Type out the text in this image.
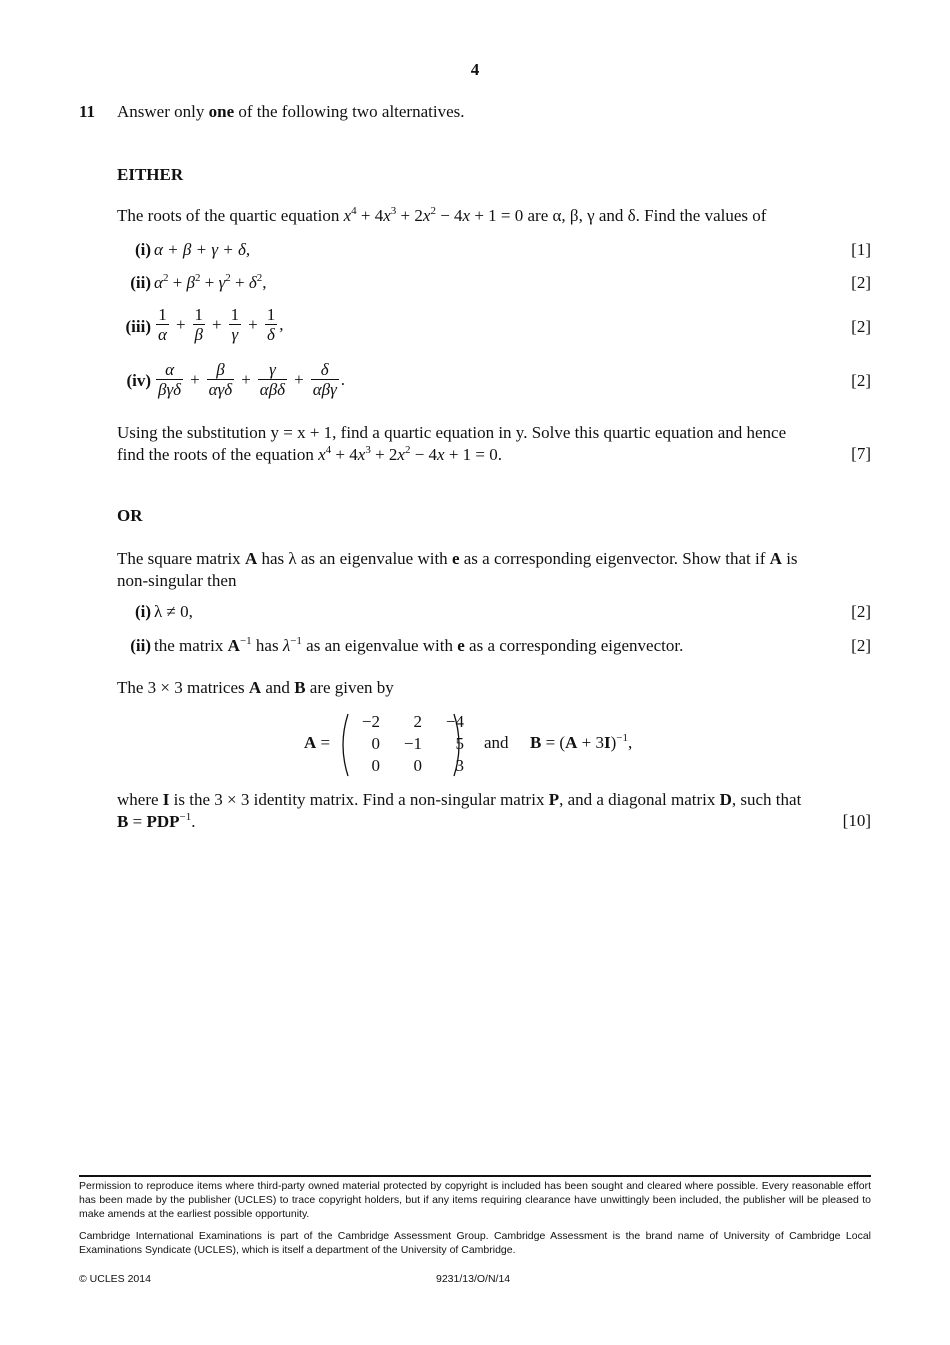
4
11 Answer only one of the following two alternatives.
EITHER
The roots of the quartic equation $x^4 + 4x^3 + 2x^2 - 4x + 1 = 0$ are α, β, γ and δ. Find the values of
(i) α + β + γ + δ,	[1]
(ii) $\alpha^2 + \beta^2 + \gamma^2 + \delta^2$,	[2]
$(iii) \frac{1}{\alpha} + \frac{1}{\beta} + \frac{1}{\gamma} + \frac{1}{\delta}$ ,	[2]
$(iv) \frac{\alpha}{\text{βγδ}} + \frac{\beta}{\text{αγδ}} + \frac{\gamma}{\text{αβδ}} + \frac{\delta}{\text{αβγ}}$ .	[2]
Using the substitution y = x + 1, find a quartic equation in y. Solve this quartic equation and hence
find the roots of the equation $x^4 + 4x^3 + 2x^2 - 4x + 1 = 0$.	[7]
OR
The square matrix A has λ as an eigenvalue with e as a corresponding eigenvector. Show that if A is
non-singular then
(i) λ ≠ 0,	[2]
(ii) the matrix $A^{-1}$ has $\lambda^{-1}$ as an eigenvalue with e as a corresponding eigenvector.	[2]
The 3 × 3 matrices A and B are given by
A =
−2	2	−4
0	−1	5
0	0	3
and $B = (A + 3I)^{-1}$,
where I is the 3 × 3 identity matrix. Find a non-singular matrix P, and a diagonal matrix D, such that
$B = PDP^{-1}$.	[10]
Permission to reproduce items where third-party owned material protected by copyright is included has been sought and cleared where possible. Every reasonable effort has been made by the publisher (UCLES) to trace copyright holders, but if any items requiring clearance have unwittingly been included, the publisher will be pleased to make amends at the earliest possible opportunity.
Cambridge International Examinations is part of the Cambridge Assessment Group. Cambridge Assessment is the brand name of University of Cambridge Local Examinations Syndicate (UCLES), which is itself a department of the University of Cambridge.
© UCLES 2014	9231/13/O/N/14
